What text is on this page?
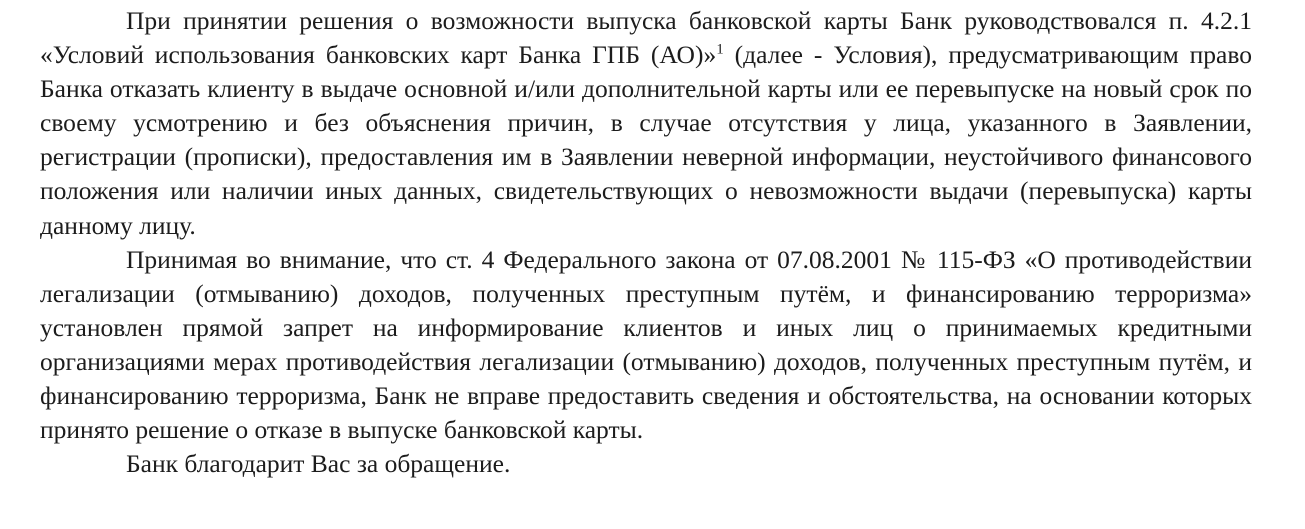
При принятии решения о возможности выпуска банковской карты Банк руководствовался п. 4.2.1 «Условий использования банковских карт Банка ГПБ (АО)»$^1$ (далее - Условия), предусматривающим право Банка отказать клиенту в выдаче основной и/или дополнительной карты или ее перевыпуске на новый срок по своему усмотрению и без объяснения причин, в случае отсутствия у лица, указанного в Заявлении, регистрации (прописки), предоставления им в Заявлении неверной информации, неустойчивого финансового положения или наличии иных данных, свидетельствующих о невозможности выдачи (перевыпуска) карты данному лицу.

Принимая во внимание, что ст. 4 Федерального закона от 07.08.2001 № 115-ФЗ «О противодействии легализации (отмыванию) доходов, полученных преступным путём, и финансированию терроризма» установлен прямой запрет на информирование клиентов и иных лиц о принимаемых кредитными организациями мерах противодействия легализации (отмыванию) доходов, полученных преступным путём, и финансированию терроризма, Банк не вправе предоставить сведения и обстоятельства, на основании которых принято решение о отказе в выпуске банковской карты.

Банк благодарит Вас за обращение.
